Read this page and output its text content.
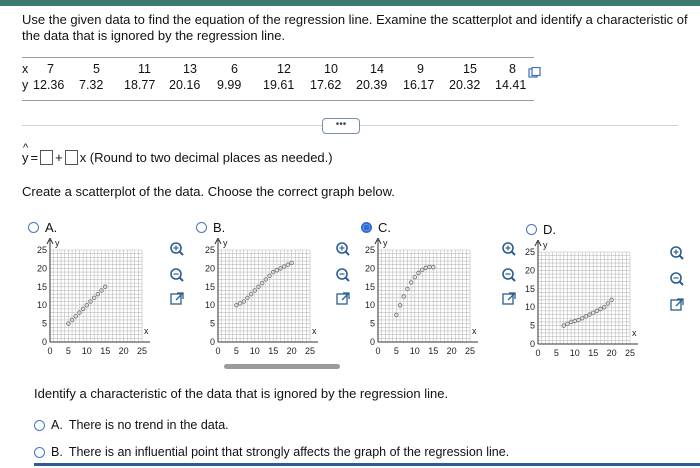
Use the given data to find the equation of the regression line. Examine the scatterplot and identify a characteristic of the data that is ignored by the regression line.
x
y
7	5	11	13	6	12	10	14	9	15	8
12.36 7.32 18.77 20.16 9.99 19.61 17.62 20.39 16.17 20.32 14.41
•••
^ y = + x (Round to two decimal places as needed.)
Create a scatterplot of the data. Choose the correct graph below.
A.	B.	C.	D.
y
x
0 5 10 15 20 25
25
20
15
10
5
0
y
x
0 5 10 15 20 25
25
20
15
10
5
0
y
x
0 5 10 15 20 25
25
20
15
10
5
0
y
x
0 5 10 15 20 25
25
20
15
10
5
0
Identify a characteristic of the data that is ignored by the regression line.
A. There is no trend in the data.
B. There is an influential point that strongly affects the graph of the regression line.
